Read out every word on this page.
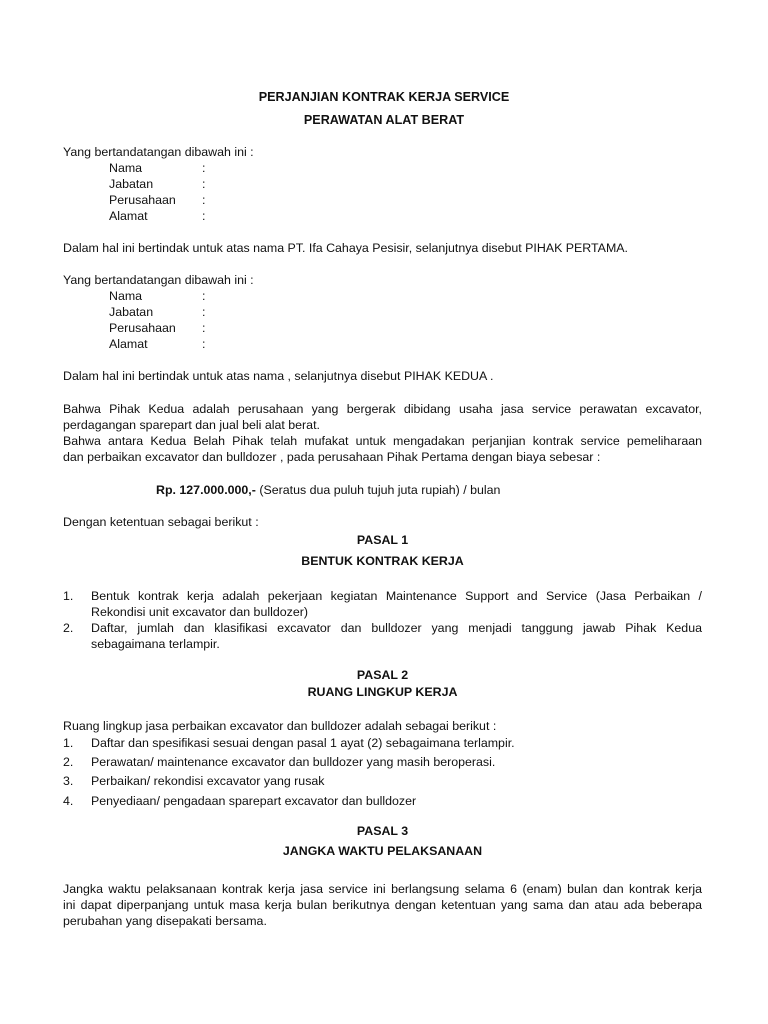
PERJANJIAN KONTRAK KERJA SERVICE
PERAWATAN ALAT BERAT
Yang bertandatangan dibawah ini :
Nama	:
Jabatan	:
Perusahaan :
Alamat	:
Dalam hal ini bertindak untuk atas nama PT. Ifa Cahaya Pesisir, selanjutnya disebut PIHAK PERTAMA.
Yang bertandatangan dibawah ini :
Nama	:
Jabatan	:
Perusahaan :
Alamat	:
Dalam hal ini bertindak untuk atas nama , selanjutnya disebut PIHAK KEDUA .
Bahwa Pihak Kedua adalah perusahaan yang bergerak dibidang usaha jasa service perawatan excavator,
perdagangan sparepart dan jual beli alat berat.
Bahwa antara Kedua Belah Pihak telah mufakat untuk mengadakan perjanjian kontrak service pemeliharaan
dan perbaikan excavator dan bulldozer , pada perusahaan Pihak Pertama dengan biaya sebesar :
Rp. 127.000.000,- (Seratus dua puluh tujuh juta rupiah) / bulan
Dengan ketentuan sebagai berikut :
PASAL 1
BENTUK KONTRAK KERJA
1. Bentuk kontrak kerja adalah pekerjaan kegiatan Maintenance Support and Service (Jasa Perbaikan /
Rekondisi unit excavator dan bulldozer)
2. Daftar, jumlah dan klasifikasi excavator dan bulldozer yang menjadi tanggung jawab Pihak Kedua
sebagaimana terlampir.
PASAL 2
RUANG LINGKUP KERJA
Ruang lingkup jasa perbaikan excavator dan bulldozer adalah sebagai berikut :
1. Daftar dan spesifikasi sesuai dengan pasal 1 ayat (2) sebagaimana terlampir.
2. Perawatan/ maintenance excavator dan bulldozer yang masih beroperasi.
3. Perbaikan/ rekondisi excavator yang rusak
4. Penyediaan/ pengadaan sparepart excavator dan bulldozer
PASAL 3
JANGKA WAKTU PELAKSANAAN
Jangka waktu pelaksanaan kontrak kerja jasa service ini berlangsung selama 6 (enam) bulan dan kontrak kerja
ini dapat diperpanjang untuk masa kerja bulan berikutnya dengan ketentuan yang sama dan atau ada beberapa
perubahan yang disepakati bersama.
